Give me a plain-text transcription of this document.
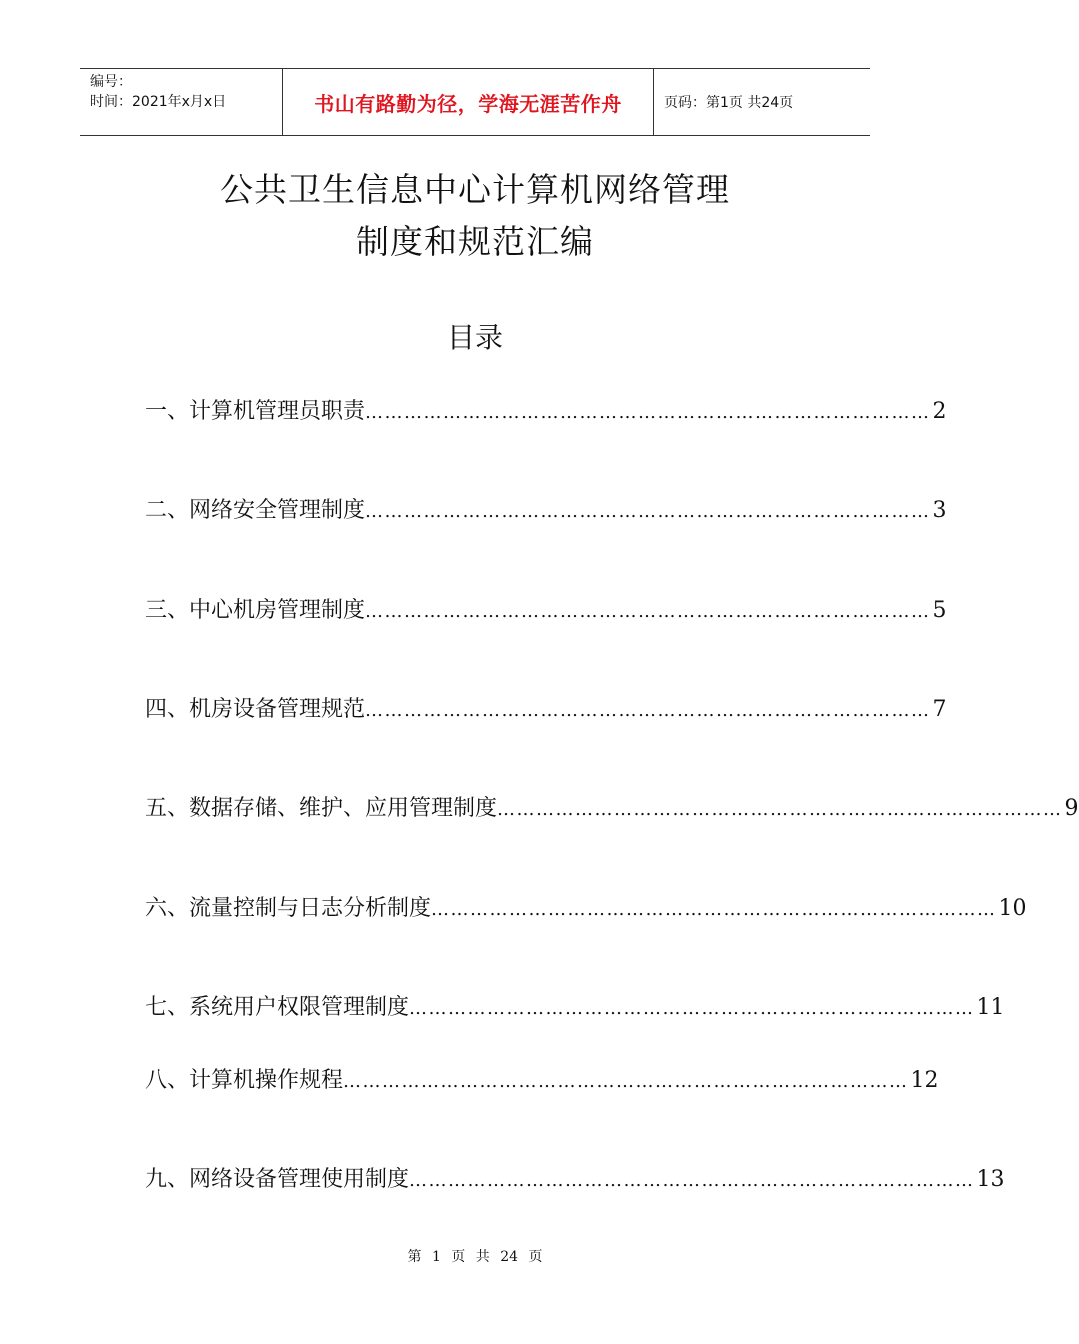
编号：
时间：2021年x月x日	书山有路勤为径，学海无涯苦作舟	页码：第1页 共24页
公共卫生信息中心计算机网络管理
制度和规范汇编
目录
一、计算机管理员职责 …………………………………………………………………………… 2
二、网络安全管理制度 …………………………………………………………………………… 3
三、中心机房管理制度 …………………………………………………………………………… 5
四、机房设备管理规范 …………………………………………………………………………… 7
五、数据存储、维护、应用管理制度 …………………………………………………………………………… 9
六、流量控制与日志分析制度 …………………………………………………………………………… 10
七、系统用户权限管理制度 …………………………………………………………………………… 11
八、计算机操作规程 …………………………………………………………………………… 12
九、网络设备管理使用制度 …………………………………………………………………………… 13
第 1 页 共 24 页
